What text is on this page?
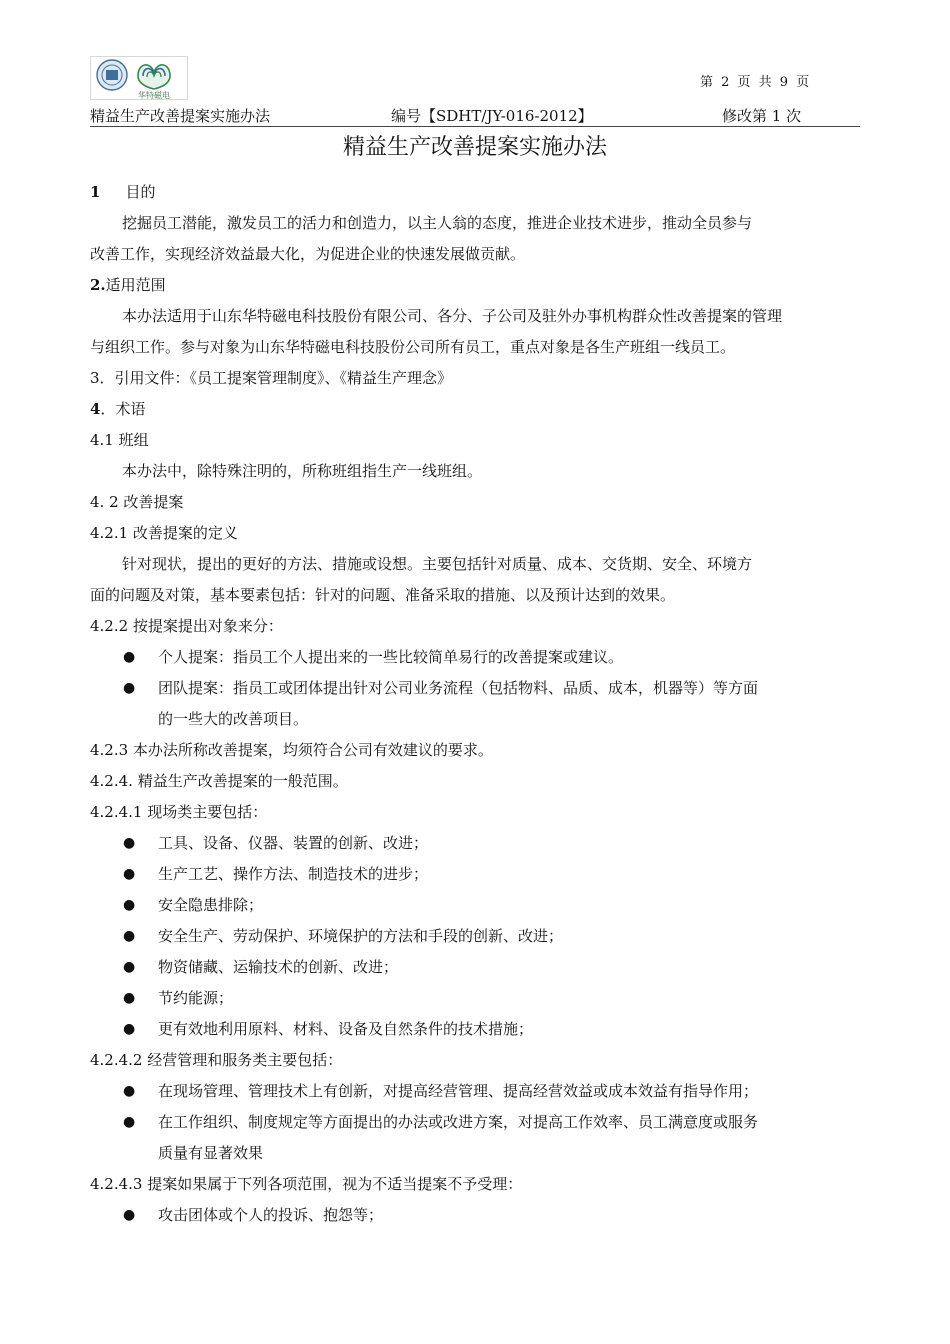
华特磁电
第 2 页 共 9 页
精益生产改善提案实施办法	编号【SDHT/JY-016-2012】	修改第 1 次
精益生产改善提案实施办法
1 目的
挖掘员工潜能，激发员工的活力和创造力，以主人翁的态度，推进企业技术进步，推动全员参与
改善工作，实现经济效益最大化，为促进企业的快速发展做贡献。
2.适用范围
本办法适用于山东华特磁电科技股份有限公司、各分、子公司及驻外办事机构群众性改善提案的管理
与组织工作。参与对象为山东华特磁电科技股份公司所有员工，重点对象是各生产班组一线员工。
3．引用文件：《员工提案管理制度》、《精益生产理念》
4．术语
4.1 班组
本办法中，除特殊注明的，所称班组指生产一线班组。
4. 2 改善提案
4.2.1 改善提案的定义
针对现状，提出的更好的方法、措施或设想。主要包括针对质量、成本、交货期、安全、环境方
面的问题及对策，基本要素包括：针对的问题、准备采取的措施、以及预计达到的效果。
4.2.2 按提案提出对象来分：
● 个人提案：指员工个人提出来的一些比较简单易行的改善提案或建议。
● 团队提案：指员工或团体提出针对公司业务流程（包括物料、品质、成本，机器等）等方面
的一些大的改善项目。
4.2.3 本办法所称改善提案，均须符合公司有效建议的要求。
4.2.4. 精益生产改善提案的一般范围。
4.2.4.1 现场类主要包括：
● 工具、设备、仪器、装置的创新、改进；
● 生产工艺、操作方法、制造技术的进步；
● 安全隐患排除；
● 安全生产、劳动保护、环境保护的方法和手段的创新、改进；
● 物资储藏、运输技术的创新、改进；
● 节约能源；
● 更有效地利用原料、材料、设备及自然条件的技术措施；
4.2.4.2 经营管理和服务类主要包括：
● 在现场管理、管理技术上有创新，对提高经营管理、提高经营效益或成本效益有指导作用；
● 在工作组织、制度规定等方面提出的办法或改进方案，对提高工作效率、员工满意度或服务
质量有显著效果
4.2.4.3 提案如果属于下列各项范围，视为不适当提案不予受理：
● 攻击团体或个人的投诉、抱怨等；
